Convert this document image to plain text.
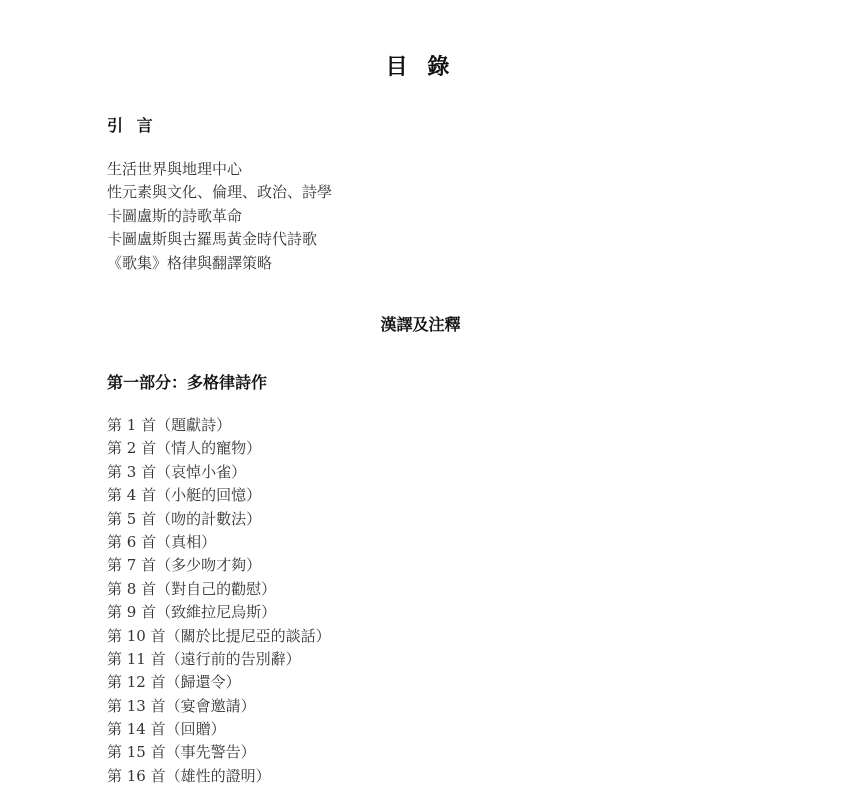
目 錄
引 言
生活世界與地理中心
性元素與文化、倫理、政治、詩學
卡圖盧斯的詩歌革命
卡圖盧斯與古羅馬黃金時代詩歌
《歌集》格律與翻譯策略
漢譯及注釋
第一部分：多格律詩作
第 1 首（題獻詩）
第 2 首（情人的寵物）
第 3 首（哀悼小雀）
第 4 首（小艇的回憶）
第 5 首（吻的計數法）
第 6 首（真相）
第 7 首（多少吻才夠）
第 8 首（對自己的勸慰）
第 9 首（致維拉尼烏斯）
第 10 首（關於比提尼亞的談話）
第 11 首（遠行前的告別辭）
第 12 首（歸還令）
第 13 首（宴會邀請）
第 14 首（回贈）
第 15 首（事先警告）
第 16 首（雄性的證明）
